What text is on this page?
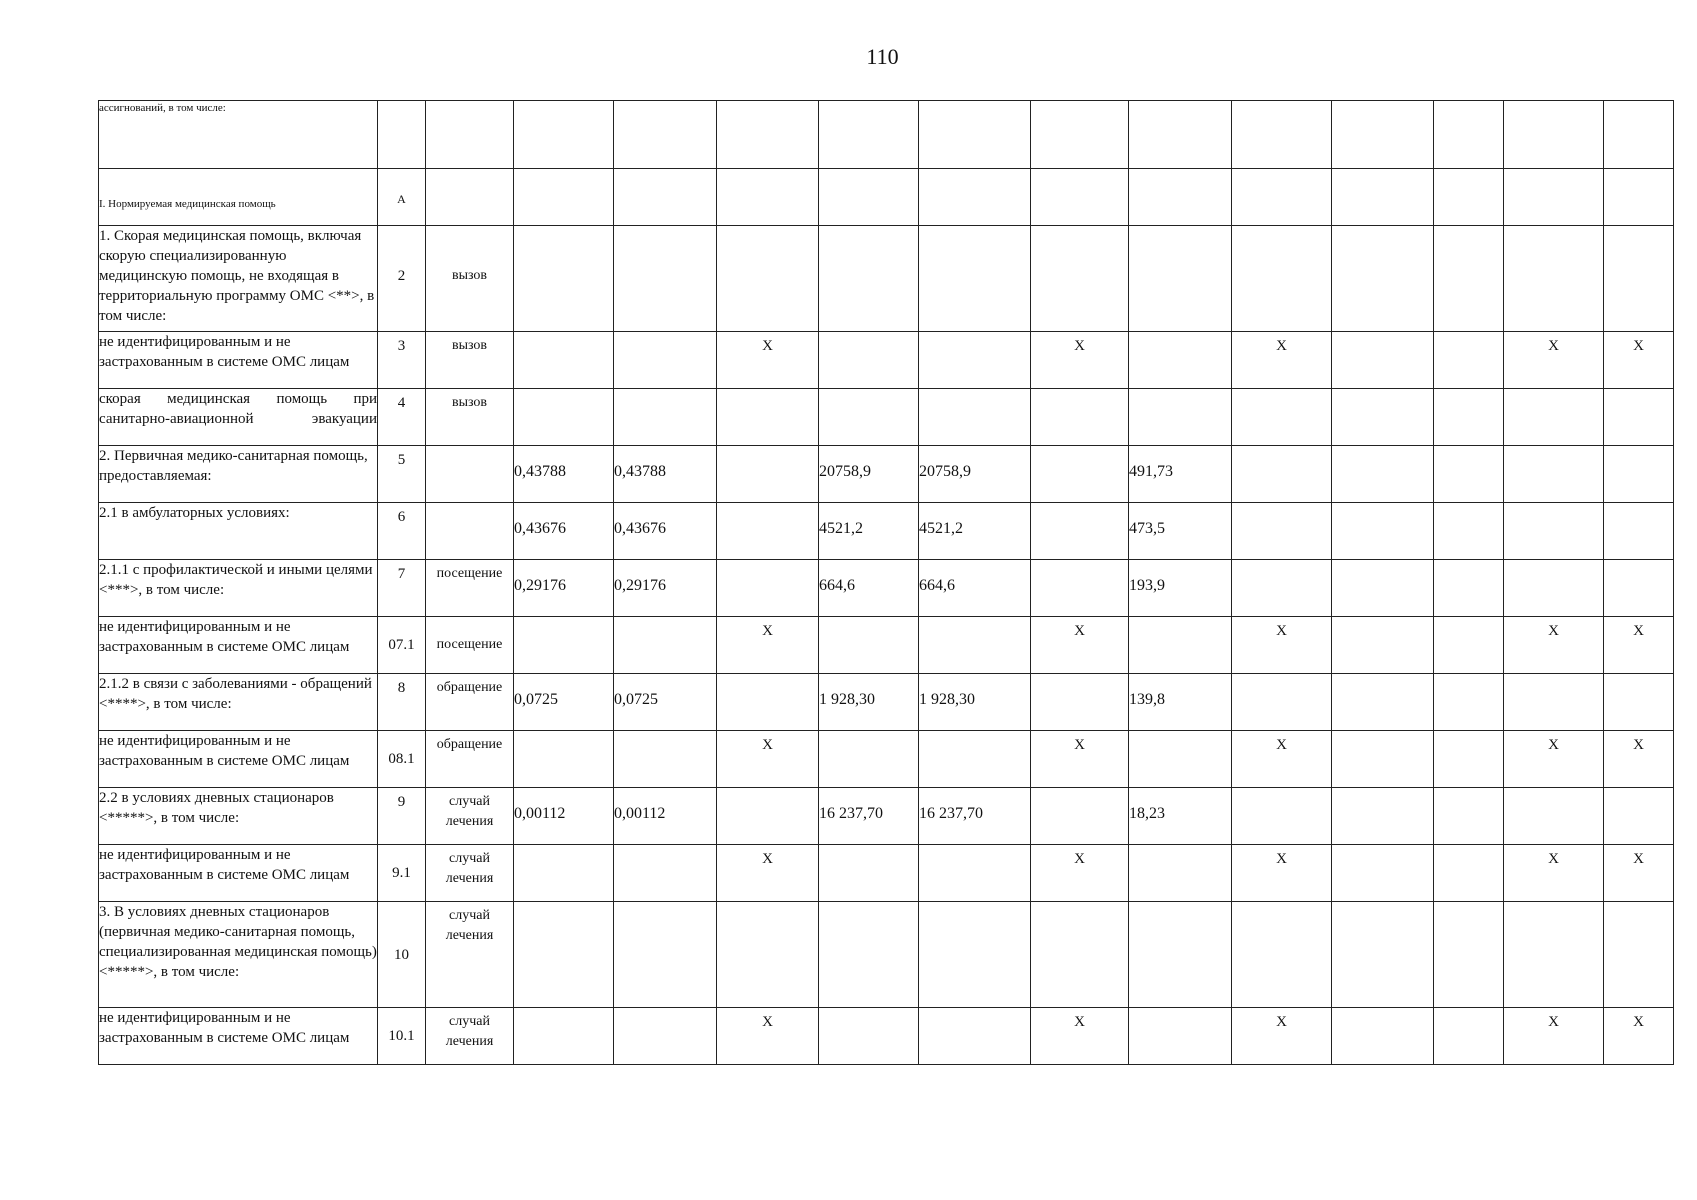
110
ассигнований, в том числе:															
I. Нормируемая медицинская помощь	А														
1. Скорая медицинская помощь, включая скорую специализированную медицинскую помощь, не входящая в территориальную программу ОМС <**>, в том числе:	2	вызов													
не идентифицированным и не застрахованным в системе ОМС лицам	3	вызов			X			X		X			X	X	
скорая медицинская помощь при санитарно-авиационной эвакуации	4	вызов													
2. Первичная медико-санитарная помощь, предоставляемая:	5		0,43788	0,43788		20758,9	20758,9		491,73						
2.1 в амбулаторных условиях:	6		0,43676	0,43676		4521,2	4521,2		473,5						
2.1.1 с профилактической и иными целями <***>, в том числе:	7	посещение	0,29176	0,29176		664,6	664,6		193,9						
не идентифицированным и не застрахованным в системе ОМС лицам	07.1	посещение			X			X		X			X	X	
2.1.2 в связи с заболеваниями - обращений <****>, в том числе:	8	обращение	0,0725	0,0725		1 928,30	1 928,30		139,8						
не идентифицированным и не застрахованным в системе ОМС лицам	08.1	обращение			X			X		X			X	X	
2.2 в условиях дневных стационаров <*****>, в том числе:	9	случай лечения	0,00112	0,00112		16 237,70	16 237,70		18,23						
не идентифицированным и не застрахованным в системе ОМС лицам	9.1	случай лечения			X			X		X			X	X	
3. В условиях дневных стационаров (первичная медико-санитарная помощь, специализированная медицинская помощь) <*****>, в том числе:	10	случай лечения													
не идентифицированным и не застрахованным в системе ОМС лицам	10.1	случай лечения			X			X		X			X	X	
